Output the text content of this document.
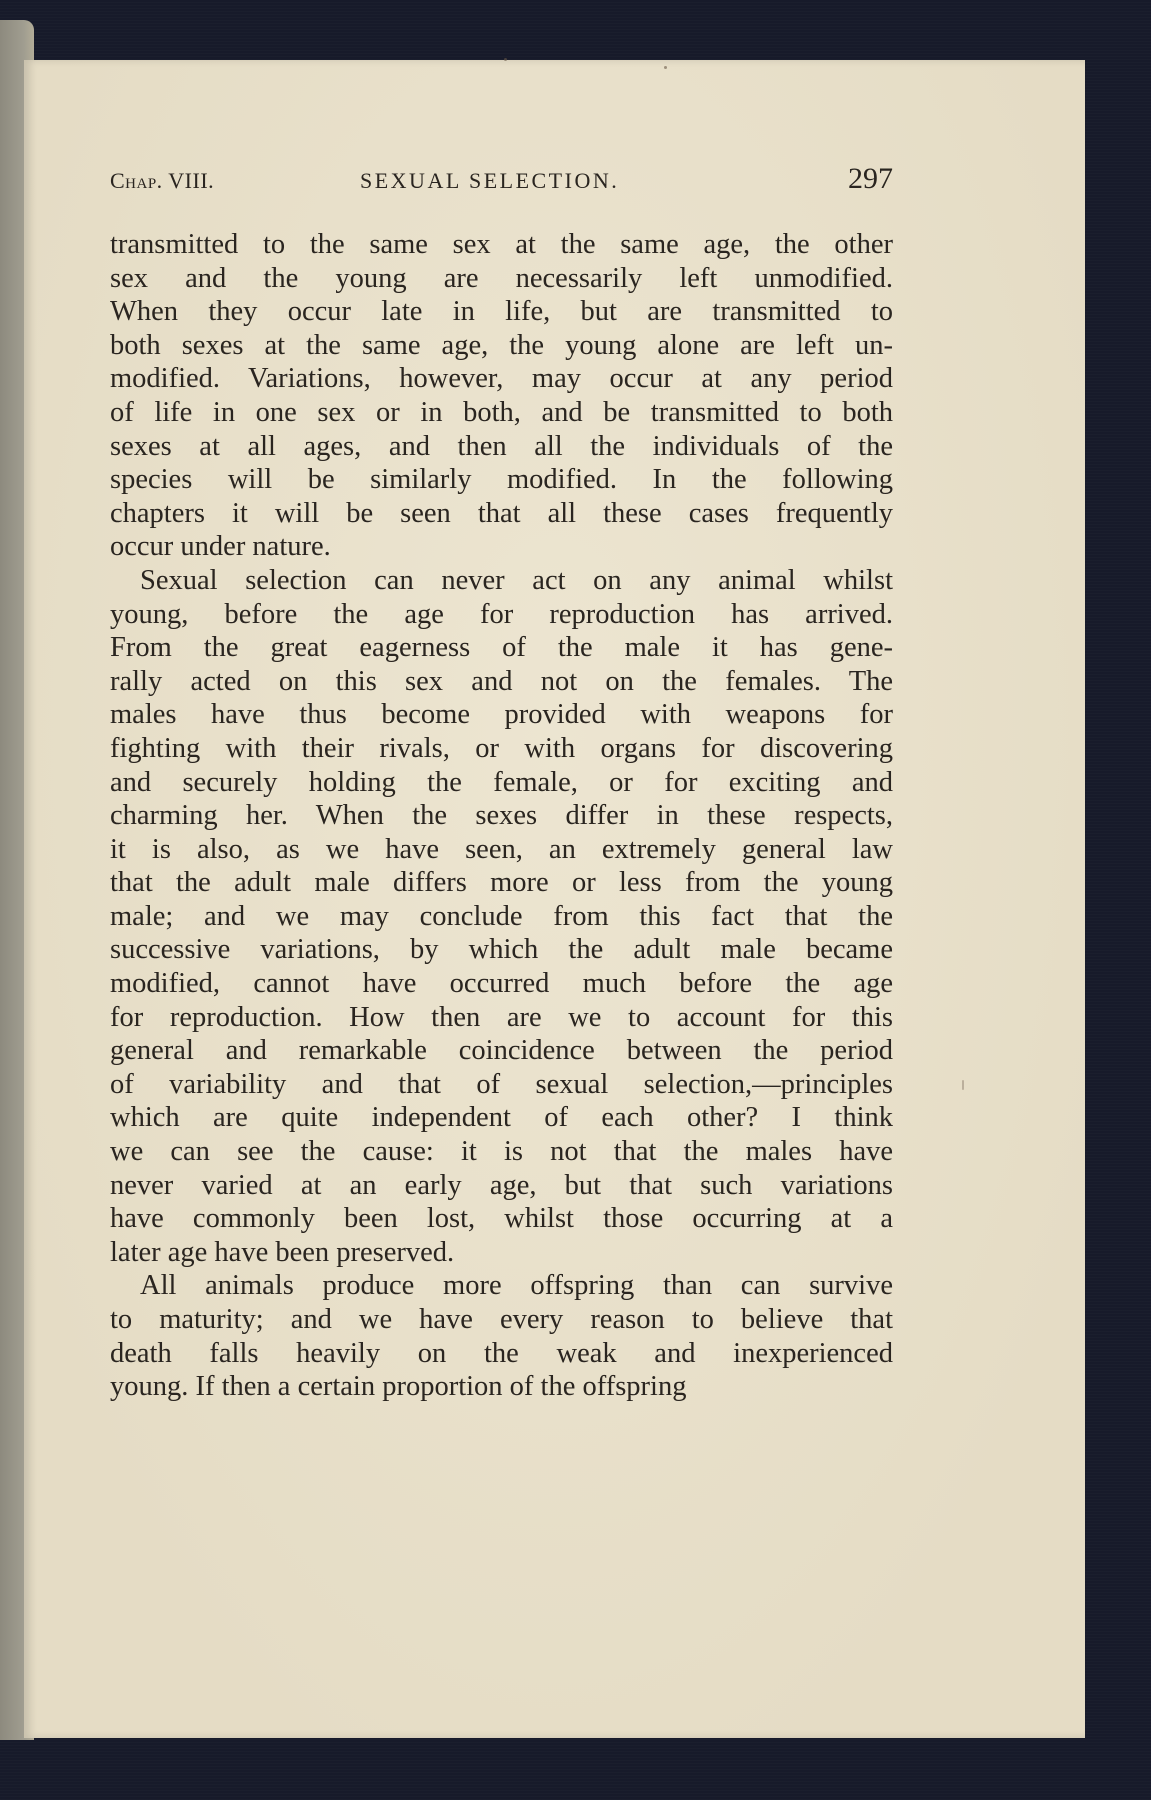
Chap. VIII.	SEXUAL SELECTION.	297
transmitted to the same sex at the same age, the other
sex and the young are necessarily left unmodified.
When they occur late in life, but are transmitted to
both sexes at the same age, the young alone are left un-
modified. Variations, however, may occur at any period
of life in one sex or in both, and be transmitted to both
sexes at all ages, and then all the individuals of the
species will be similarly modified. In the following
chapters it will be seen that all these cases frequently
occur under nature.
Sexual selection can never act on any animal whilst
young, before the age for reproduction has arrived.
From the great eagerness of the male it has gene-
rally acted on this sex and not on the females. The
males have thus become provided with weapons for
fighting with their rivals, or with organs for discovering
and securely holding the female, or for exciting and
charming her. When the sexes differ in these respects,
it is also, as we have seen, an extremely general law
that the adult male differs more or less from the young
male; and we may conclude from this fact that the
successive variations, by which the adult male became
modified, cannot have occurred much before the age
for reproduction. How then are we to account for this
general and remarkable coincidence between the period
of variability and that of sexual selection,—principles
which are quite independent of each other? I think
we can see the cause: it is not that the males have
never varied at an early age, but that such variations
have commonly been lost, whilst those occurring at a
later age have been preserved.
All animals produce more offspring than can survive
to maturity; and we have every reason to believe that
death falls heavily on the weak and inexperienced
young. If then a certain proportion of the offspring
